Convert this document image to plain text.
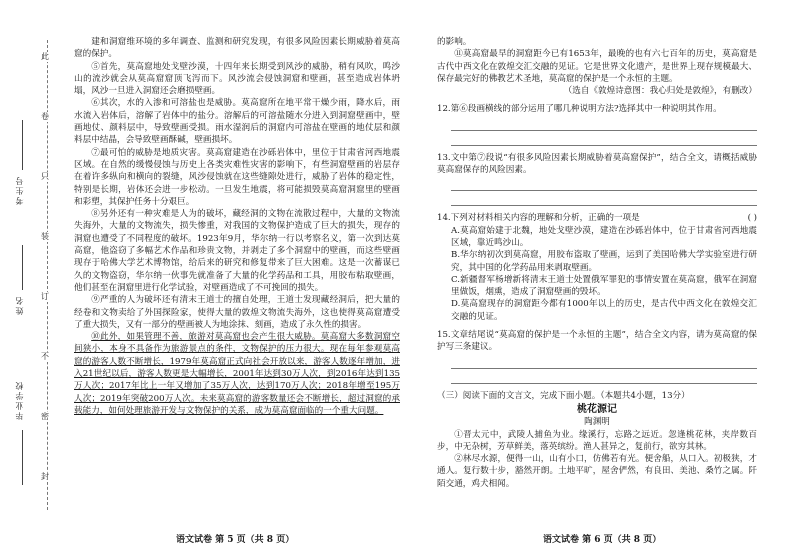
此
卷
只
装
订
不
密
封
考生号
姓名
毕业学校

建和洞窟维环境的多年调查、监测和研究发现，有很多风险因素长期威胁着莫高窟的保护。

⑤首先，莫高窟地处戈壁沙漠，十四年来长期受到风沙的威胁，稍有风吹，鸣沙山的流沙就会从莫高窟窟顶飞泻而下。风沙流会侵蚀洞窟和壁画，甚至造成岩体坍塌，风沙一旦进入洞窟还会磨损壁画。

⑥其次，水的入渗和可溶盐也是威胁。莫高窟所在地平常干燥少雨，降水后，雨水流入岩体后，溶解了岩体中的盐分。溶解后的可溶盐随水分进入到洞窟壁画中，壁画地仗、颜料层中，导致壁画受损。雨水湿润后的洞窟内可溶盐在壁画的地仗层和颜料层中结晶，会导致壁画酥碱，壁画损坏。

⑦最可怕的威胁是地质灾害。莫高窟建造在沙砾岩体中，里位于甘肃省河西地震区域。在自然的缓慢侵蚀与历史上各类灾难性灾害的影响下，有些洞窟壁画的岩层存在着许多纵向和横向的裂缝，风沙侵蚀就在这些缝隙处进行，威胁了岩体的稳定性，特别是长期，岩体还会进一步松动。一旦发生地震，将可能损毁莫高窟洞窟里的壁画和彩塑，其保护任务十分艰巨。

⑧另外还有一种灾难是人为的破坏，藏经洞的文物在流散过程中，大量的文物流失海外，大量的文物流失，损失惨重，对我国的文物保护造成了巨大的损失，现存的洞窟也遭受了不同程度的破坏。1923年9月，华尔纳一行以考察名义，第一次到达莫高窟，他盗窃了多幅艺术作品和珍贵文物，并剥走了多个洞窟中的壁画，而这些壁画现存于哈佛大学艺术博物馆，给后来的研究和修复带来了巨大困难。这是一次蓄谋已久的文物盗窃，华尔纳一伙事先就准备了大量的化学药品和工具，用胶布粘取壁画，他们甚至在洞窟里进行化学试验，对壁画造成了不可挽回的损失。

⑨严重的人为破坏还有清末王道士的擅自处理，王道士发现藏经洞后，把大量的经卷和文物卖给了外国探险家，使得大量的敦煌文物流失海外，这也使得莫高窟遭受了重大损失，又有一部分的壁画被人为地涂抹、刻画，造成了永久性的损害。

⑩此外，如果管理不善，旅游对莫高窟也会产生很大威胁。莫高窟大多数洞窟空间狭小，本身不具备作为旅游景点的条件，文物保护的压力很大。现在每年参观莫高窟的游客人数不断增长，1979年莫高窟正式向社会开放以来，游客人数逐年增加，进入21世纪以后，游客人数更是大幅增长，2001年达到30万人次，到2016年达到135万人次；2017年比上一年又增加了35万人次，达到170万人次；2018年增至195万人次；2019年突破200万人次。未来莫高窟的游客数量还会不断增长，超过洞窟的承载能力，如何处理旅游开发与文物保护的关系，成为莫高窟面临的一个重大问题。

语文试卷 第 5 页（共 8 页）

的影响。

⑪莫高窟最早的洞窟距今已有1653年，最晚的也有六七百年的历史，莫高窟是古代中西文化在敦煌交汇交融的见证。它是世界文化遗产，是世界上现存规模最大、保存最完好的佛教艺术圣地，莫高窟的保护是一个永恒的主题。

（选自《敦煌诗意图：我心归处是敦煌》，有删改）

12.第⑥段画横线的部分运用了哪几种说明方法?选择其中一种说明其作用。

13.文中第⑦段说“有很多风险因素长期威胁着莫高窟保护”，结合全文，请概括威胁莫高窟保存的风险因素。

14.下列对材料相关内容的理解和分析，正确的一项是	( )

A.莫高窟始建于北魏，地处戈壁沙漠，建造在沙砾岩体中，位于甘肃省河西地震区域，靠近鸣沙山。

B.华尔纳初次到莫高窟，用胶布盗取了壁画，运到了美国哈佛大学实验室进行研究，其中国的化学药品用来剥取壁画。

C.新疆督军杨增新将清末王道士处置俄军罪犯的事情安置在莫高窟，俄军在洞窟里做饭，烟熏，造成了洞窟壁画的毁坏。

D.莫高窟现存的洞窟距今都有1000年以上的历史，是古代中西文化在敦煌交汇交融的见证。

15.文章结尾说“莫高窟的保护是一个永恒的主题”，结合全文内容，请为莫高窟的保护写三条建议。

（三）阅读下面的文言文，完成下面小题。（本题共4小题，13分）

桃花源记

陶渊明

①晋太元中，武陵人捕鱼为业。缘溪行，忘路之远近。忽逢桃花林，夹岸数百步，中无杂树，芳草鲜美，落英缤纷。渔人甚异之，复前行，欲穷其林。

②林尽水源，便得一山，山有小口，仿佛若有光。便舍船，从口入。初极狭，才通人。复行数十步，豁然开朗。土地平旷，屋舍俨然，有良田、美池、桑竹之属。阡陌交通，鸡犬相闻。

语文试卷 第 6 页（共 8 页）
